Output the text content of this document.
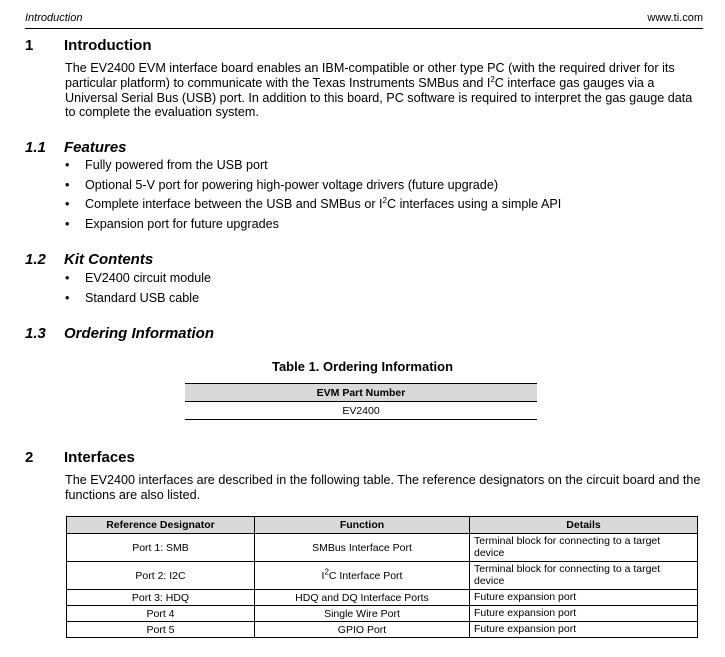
Introduction	www.ti.com
1 Introduction
The EV2400 EVM interface board enables an IBM-compatible or other type PC (with the required driver for its particular platform) to communicate with the Texas Instruments SMBus and $I^2C$ interface gas gauges via a Universal Serial Bus (USB) port. In addition to this board, PC software is required to interpret the gas gauge data to complete the evaluation system.
1.1 Features
• Fully powered from the USB port
• Optional 5-V port for powering high-power voltage drivers (future upgrade)
• Complete interface between the USB and SMBus or $I^2C$ interfaces using a simple API
• Expansion port for future upgrades
1.2 Kit Contents
• EV2400 circuit module
• Standard USB cable
1.3 Ordering Information
Table 1. Ordering Information
EVM Part Number
EV2400
2 Interfaces
The EV2400 interfaces are described in the following table. The reference designators on the circuit board and the functions are also listed.
Reference Designator	Function	Details
Port 1: SMB	SMBus Interface Port	Terminal block for connecting to a target device
Port 2: I2C	$I^2C$ Interface Port	Terminal block for connecting to a target device
Port 3: HDQ	HDQ and DQ Interface Ports	Future expansion port
Port 4	Single Wire Port	Future expansion port
Port 5	GPIO Port	Future expansion port
